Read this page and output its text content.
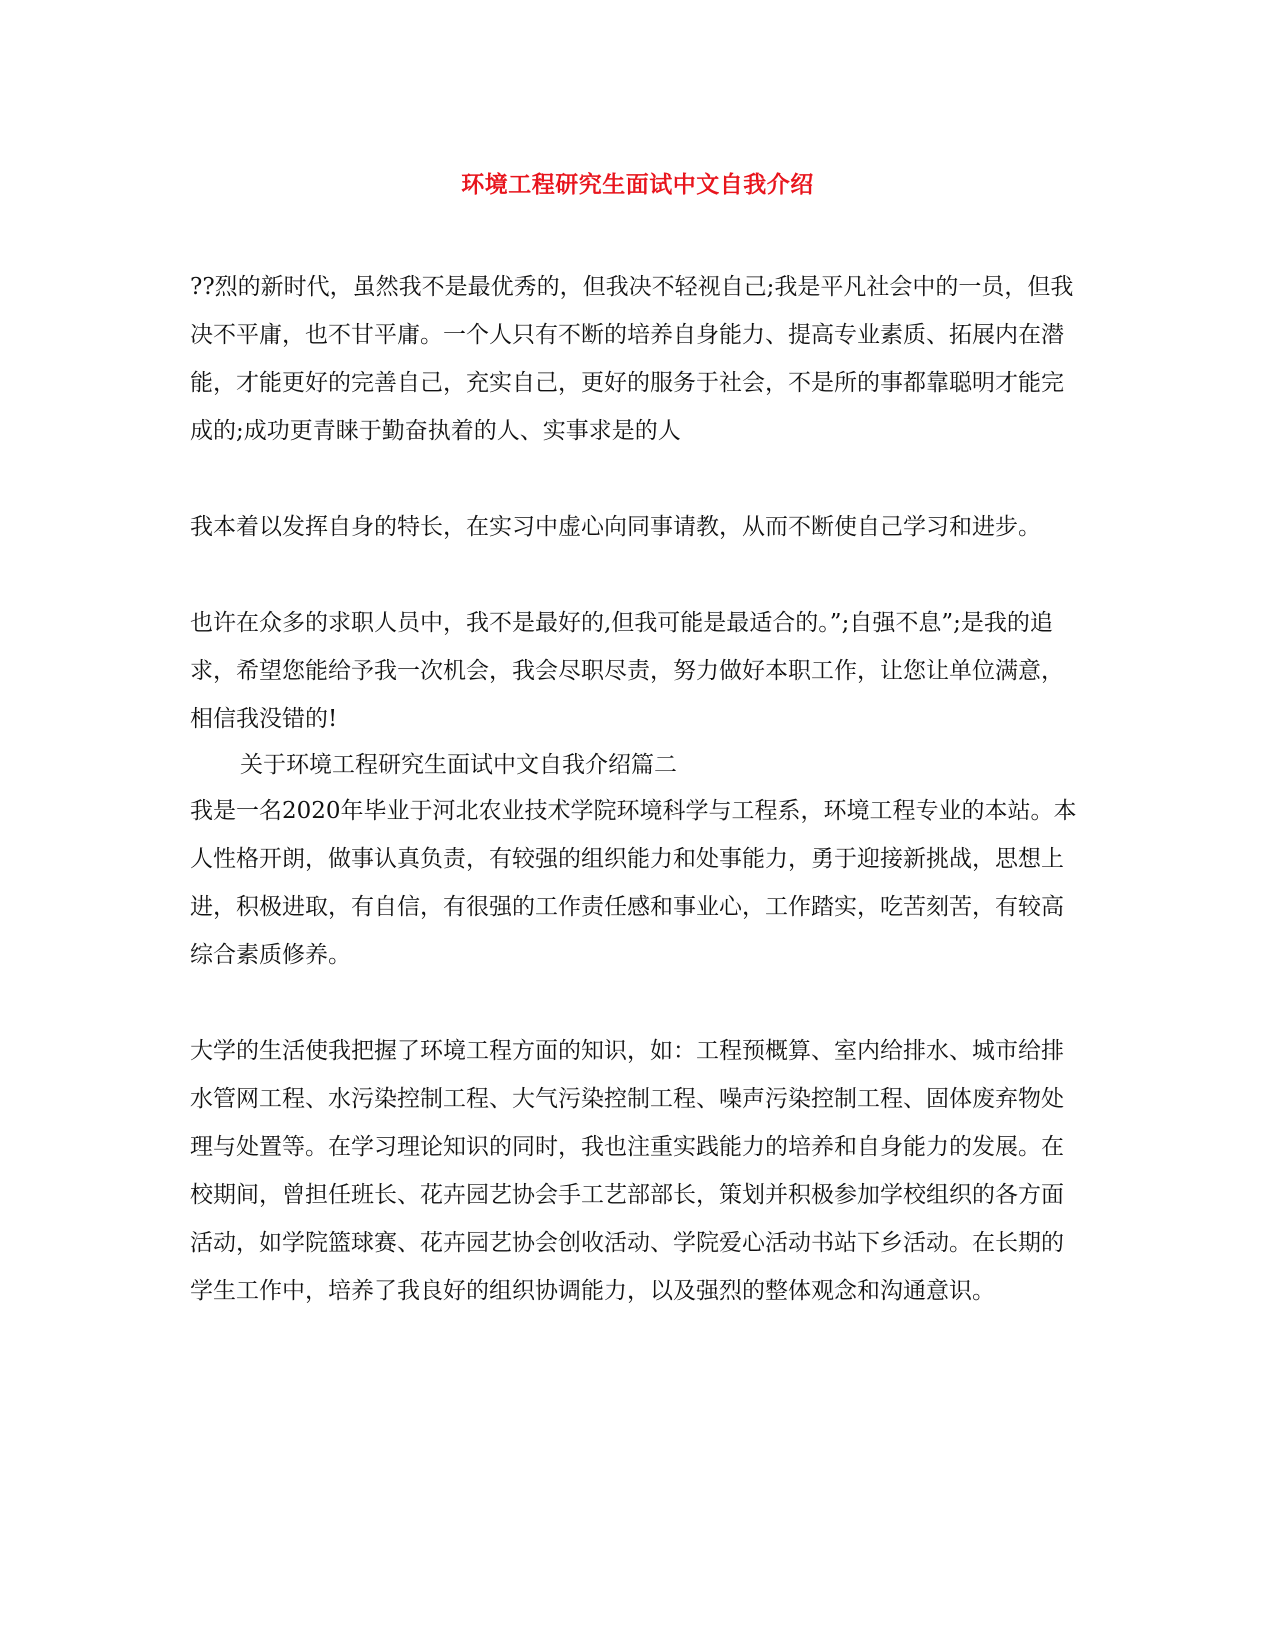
环境工程研究生面试中文自我介绍

??烈的新时代，虽然我不是最优秀的，但我决不轻视自己;我是平凡社会中的一员，但我决不平庸，也不甘平庸。一个人只有不断的培养自身能力、提高专业素质、拓展内在潜能，才能更好的完善自己，充实自己，更好的服务于社会，不是所的事都靠聪明才能完成的;成功更青睐于勤奋执着的人、实事求是的人

我本着以发挥自身的特长，在实习中虚心向同事请教，从而不断使自己学习和进步。

也许在众多的求职人员中，我不是最好的,但我可能是最适合的。”;自强不息”;是我的追求，希望您能给予我一次机会，我会尽职尽责，努力做好本职工作，让您让单位满意，相信我没错的!

关于环境工程研究生面试中文自我介绍篇二

我是一名2020年毕业于河北农业技术学院环境科学与工程系，环境工程专业的本站。本人性格开朗，做事认真负责，有较强的组织能力和处事能力，勇于迎接新挑战，思想上进，积极进取，有自信，有很强的工作责任感和事业心，工作踏实，吃苦刻苦，有较高综合素质修养。

大学的生活使我把握了环境工程方面的知识，如：工程预概算、室内给排水、城市给排水管网工程、水污染控制工程、大气污染控制工程、噪声污染控制工程、固体废弃物处理与处置等。在学习理论知识的同时，我也注重实践能力的培养和自身能力的发展。在校期间，曾担任班长、花卉园艺协会手工艺部部长，策划并积极参加学校组织的各方面活动，如学院篮球赛、花卉园艺协会创收活动、学院爱心活动书站下乡活动。在长期的学生工作中，培养了我良好的组织协调能力，以及强烈的整体观念和沟通意识。
